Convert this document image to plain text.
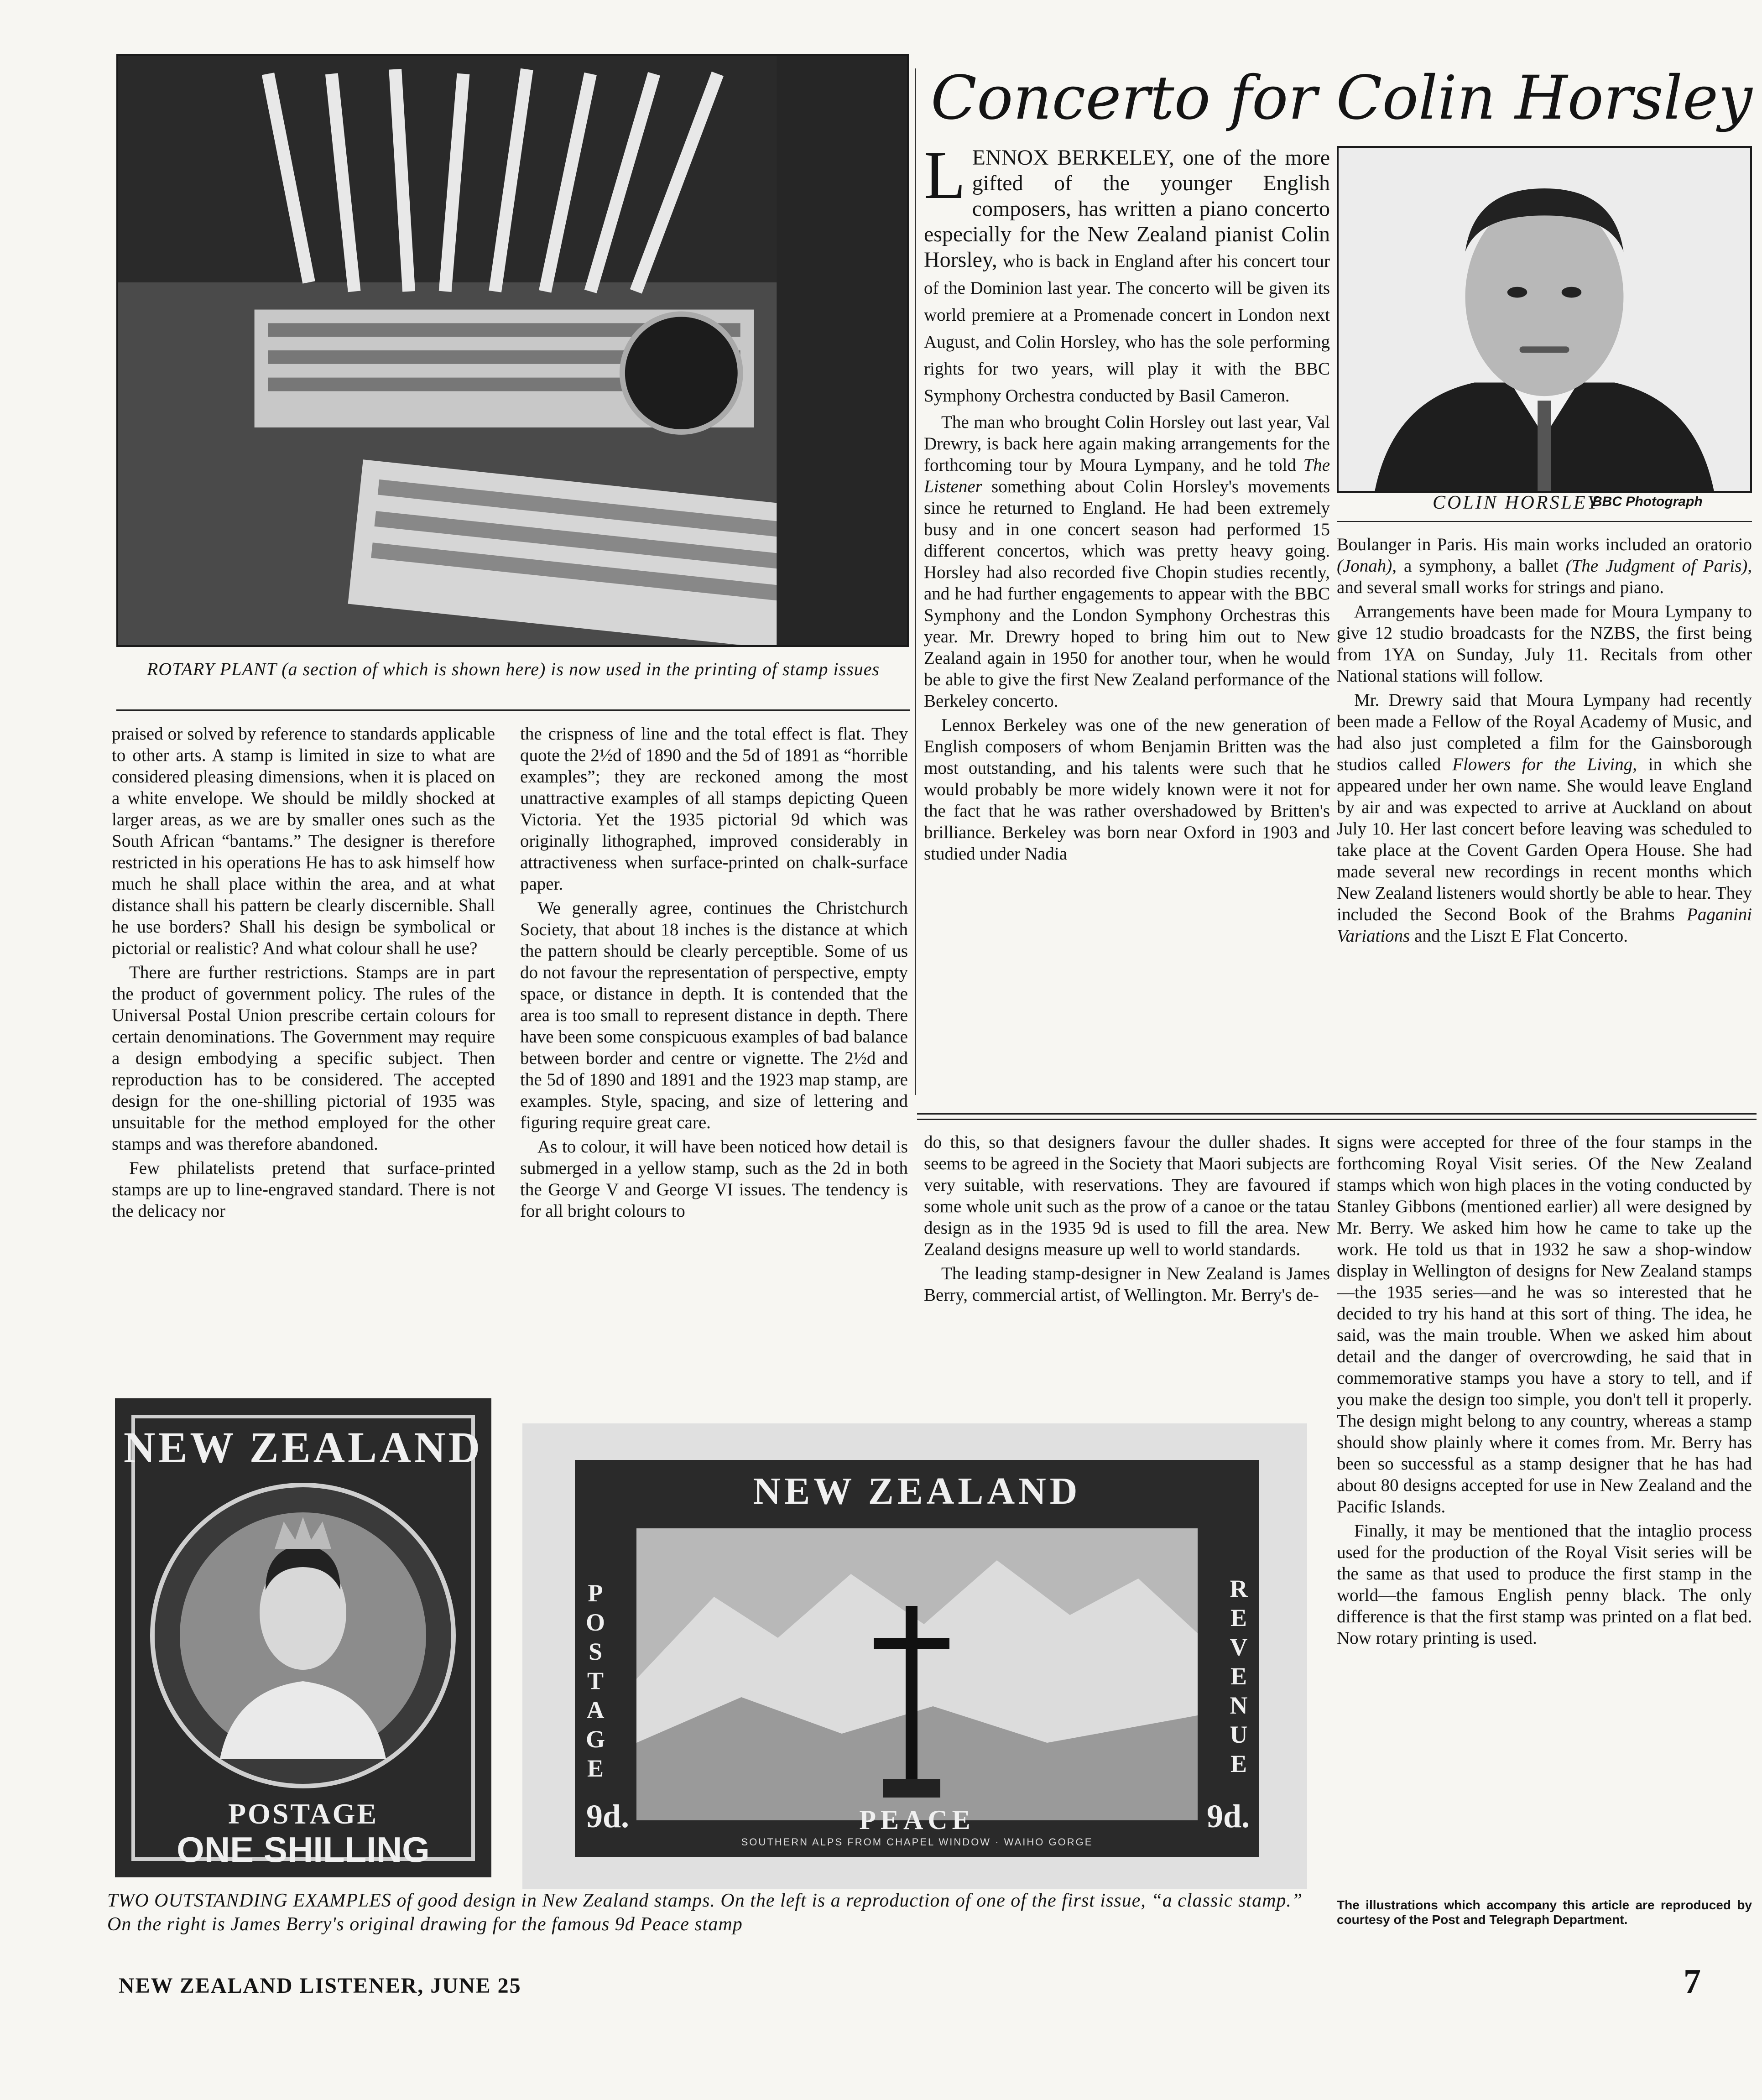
ROTARY PLANT (a section of which is shown here) is now used in the printing of stamp issues
Concerto for Colin Horsley
BBC Photograph
COLIN HORSLEY

LENNOX BERKELEY, one of the more gifted of the younger English composers, has written a piano concerto especially for the New Zealand pianist Colin Horsley, who is back in England after his concert tour of the Dominion last year. The concerto will be given its world premiere at a Promenade concert in London next August, and Colin Horsley, who has the sole performing rights for two years, will play it with the BBC Symphony Orchestra conducted by Basil Cameron.

The man who brought Colin Horsley out last year, Val Drewry, is back here again making arrangements for the forthcoming tour by Moura Lympany, and he told The Listener something about Colin Horsley's movements since he returned to England. He had been extremely busy and in one concert season had performed 15 different concertos, which was pretty heavy going. Horsley had also recorded five Chopin studies recently, and he had further engagements to appear with the BBC Symphony and the London Symphony Orchestras this year. Mr. Drewry hoped to bring him out to New Zealand again in 1950 for another tour, when he would be able to give the first New Zealand performance of the Berkeley concerto.

Lennox Berkeley was one of the new generation of English composers of whom Benjamin Britten was the most outstanding, and his talents were such that he would probably be more widely known were it not for the fact that he was rather overshadowed by Britten's brilliance. Berkeley was born near Oxford in 1903 and studied under Nadia

Boulanger in Paris. His main works included an oratorio (Jonah), a symphony, a ballet (The Judgment of Paris), and several small works for strings and piano.

Arrangements have been made for Moura Lympany to give 12 studio broadcasts for the NZBS, the first being from 1YA on Sunday, July 11. Recitals from other National stations will follow.

Mr. Drewry said that Moura Lympany had recently been made a Fellow of the Royal Academy of Music, and had also just completed a film for the Gainsborough studios called Flowers for the Living, in which she appeared under her own name. She would leave England by air and was expected to arrive at Auckland on about July 10. Her last concert before leaving was scheduled to take place at the Covent Garden Opera House. She had made several new recordings in recent months which New Zealand listeners would shortly be able to hear. They included the Second Book of the Brahms Paganini Variations and the Liszt E Flat Concerto.

praised or solved by reference to standards applicable to other arts. A stamp is limited in size to what are considered pleasing dimensions, when it is placed on a white envelope. We should be mildly shocked at larger areas, as we are by smaller ones such as the South African “bantams.” The designer is therefore restricted in his operations He has to ask himself how much he shall place within the area, and at what distance shall his pattern be clearly discernible. Shall he use borders? Shall his design be symbolical or pictorial or realistic? And what colour shall he use?

There are further restrictions. Stamps are in part the product of government policy. The rules of the Universal Postal Union prescribe certain colours for certain denominations. The Government may require a design embodying a specific subject. Then reproduction has to be considered. The accepted design for the one-shilling pictorial of 1935 was unsuitable for the method employed for the other stamps and was therefore abandoned.

Few philatelists pretend that surface-printed stamps are up to line-engraved standard. There is not the delicacy nor

the crispness of line and the total effect is flat. They quote the 2½d of 1890 and the 5d of 1891 as “horrible examples”; they are reckoned among the most unattractive examples of all stamps depicting Queen Victoria. Yet the 1935 pictorial 9d which was originally lithographed, improved considerably in attractiveness when surface-printed on chalk-surface paper.

We generally agree, continues the Christchurch Society, that about 18 inches is the distance at which the pattern should be clearly perceptible. Some of us do not favour the representation of perspective, empty space, or distance in depth. It is contended that the area is too small to represent distance in depth. There have been some conspicuous examples of bad balance between border and centre or vignette. The 2½d and the 5d of 1890 and 1891 and the 1923 map stamp, are examples. Style, spacing, and size of lettering and figuring require great care.

As to colour, it will have been noticed how detail is submerged in a yellow stamp, such as the 2d in both the George V and George VI issues. The tendency is for all bright colours to

do this, so that designers favour the duller shades. It seems to be agreed in the Society that Maori subjects are very suitable, with reservations. They are favoured if some whole unit such as the prow of a canoe or the tatau design as in the 1935 9d is used to fill the area. New Zealand designs measure up well to world standards.

The leading stamp-designer in New Zealand is James Berry, commercial artist, of Wellington. Mr. Berry's de-

signs were accepted for three of the four stamps in the forthcoming Royal Visit series. Of the New Zealand stamps which won high places in the voting conducted by Stanley Gibbons (mentioned earlier) all were designed by Mr. Berry. We asked him how he came to take up the work. He told us that in 1932 he saw a shop-window display in Wellington of designs for New Zealand stamps—the 1935 series—and he was so interested that he decided to try his hand at this sort of thing. The idea, he said, was the main trouble. When we asked him about detail and the danger of overcrowding, he said that in commemorative stamps you have a story to tell, and if you make the design too simple, you don't tell it properly. The design might belong to any country, whereas a stamp should show plainly where it comes from. Mr. Berry has been so successful as a stamp designer that he has had about 80 designs accepted for use in New Zealand and the Pacific Islands.

Finally, it may be mentioned that the intaglio process used for the production of the Royal Visit series will be the same as that used to produce the first stamp in the world—the famous English penny black. The only difference is that the first stamp was printed on a flat bed. Now rotary printing is used.

NEW ZEALAND
POSTAGE
ONE SHILLING
NEW ZEALAND
POSTAGE
REVENUE
9d.	9d.
PEACE
SOUTHERN ALPS FROM CHAPEL WINDOW · WAIHO GORGE
TWO OUTSTANDING EXAMPLES of good design in New Zealand stamps. On the left is a reproduction of one of the first issue, “a classic stamp.” On the right is James Berry's original drawing for the famous 9d Peace stamp
The illustrations which accompany this article are reproduced by courtesy of the Post and Telegraph Department.
NEW ZEALAND LISTENER, JUNE 25	7
